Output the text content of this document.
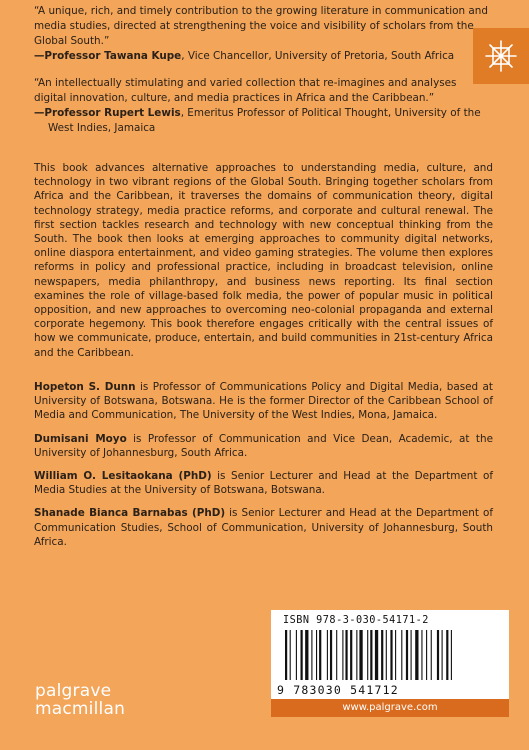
“A unique, rich, and timely contribution to the growing literature in communication and media studies, directed at strengthening the voice and visibility of scholars from the Global South.”

—Professor Tawana Kupe, Vice Chancellor, University of Pretoria, South Africa

“An intellectually stimulating and varied collection that re-imagines and analyses digital innovation, culture, and media practices in Africa and the Caribbean.”

—Professor Rupert Lewis, Emeritus Professor of Political Thought, University of the West Indies, Jamaica

This book advances alternative approaches to understanding media, culture, and technology in two vibrant regions of the Global South. Bringing together scholars from Africa and the Caribbean, it traverses the domains of communication theory, digital technology strategy, media practice reforms, and corporate and cultural renewal. The first section tackles research and technology with new conceptual thinking from the South. The book then looks at emerging approaches to community digital networks, online diaspora entertainment, and video gaming strategies. The volume then explores reforms in policy and professional practice, including in broadcast television, online newspapers, media philanthropy, and business news reporting. Its final section examines the role of village-based folk media, the power of popular music in political opposition, and new approaches to overcoming neo-colonial propaganda and external corporate hegemony. This book therefore engages critically with the central issues of how we communicate, produce, entertain, and build communities in 21st-century Africa and the Caribbean.

Hopeton S. Dunn is Professor of Communications Policy and Digital Media, based at University of Botswana, Botswana. He is the former Director of the Caribbean School of Media and Communication, The University of the West Indies, Mona, Jamaica.

Dumisani Moyo is Professor of Communication and Vice Dean, Academic, at the University of Johannesburg, South Africa.

William O. Lesitaokana (PhD) is Senior Lecturer and Head at the Department of Media Studies at the University of Botswana, Botswana.

Shanade Bianca Barnabas (PhD) is Senior Lecturer and Head at the Department of Communication Studies, School of Communication, University of Johannesburg, South Africa.

ISBN 978-3-030-54171-2
9 783030 541712
www.palgrave.com
palgrave
macmillan
